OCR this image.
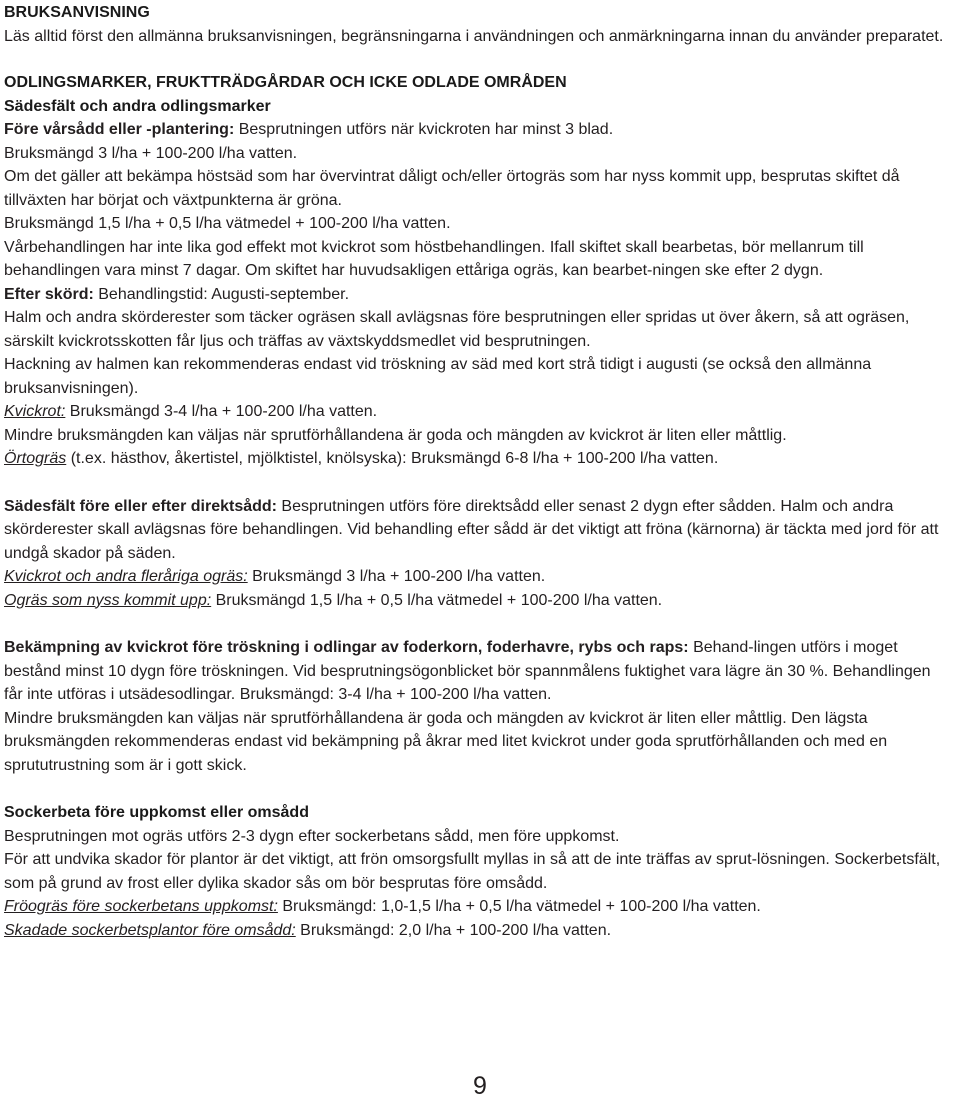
BRUKSANVISNING

Läs alltid först den allmänna bruksanvisningen, begränsningarna i användningen och anmärkningarna innan du använder preparatet.

ODLINGSMARKER, FRUKTTRÄDGÅRDAR OCH ICKE ODLADE OMRÅDEN

Sädesfält och andra odlingsmarker

Före vårsådd eller -plantering: Besprutningen utförs när kvickroten har minst 3 blad.

Bruksmängd 3 l/ha + 100-200 l/ha vatten.

Om det gäller att bekämpa höstsäd som har övervintrat dåligt och/eller örtogräs som har nyss kommit upp, besprutas skiftet då tillväxten har börjat och växtpunkterna är gröna.

Bruksmängd 1,5 l/ha + 0,5 l/ha vätmedel + 100-200 l/ha vatten.

Vårbehandlingen har inte lika god effekt mot kvickrot som höstbehandlingen. Ifall skiftet skall bearbetas, bör mellanrum till behandlingen vara minst 7 dagar. Om skiftet har huvudsakligen ettåriga ogräs, kan bearbet-ningen ske efter 2 dygn.

Efter skörd: Behandlingstid: Augusti-september.

Halm och andra skörderester som täcker ogräsen skall avlägsnas före besprutningen eller spridas ut över åkern, så att ogräsen, särskilt kvickrotsskotten får ljus och träffas av växtskyddsmedlet vid besprutningen.

Hackning av halmen kan rekommenderas endast vid tröskning av säd med kort strå tidigt i augusti (se också den allmänna bruksanvisningen).

Kvickrot: Bruksmängd 3-4 l/ha + 100-200 l/ha vatten.

Mindre bruksmängden kan väljas när sprutförhållandena är goda och mängden av kvickrot är liten eller måttlig.

Örtogräs (t.ex. hästhov, åkertistel, mjölktistel, knölsyska): Bruksmängd 6-8 l/ha + 100-200 l/ha vatten.

Sädesfält före eller efter direktsådd: Besprutningen utförs före direktsådd eller senast 2 dygn efter sådden. Halm och andra skörderester skall avlägsnas före behandlingen. Vid behandling efter sådd är det viktigt att fröna (kärnorna) är täckta med jord för att undgå skador på säden.

Kvickrot och andra fleråriga ogräs: Bruksmängd 3 l/ha + 100-200 l/ha vatten.

Ogräs som nyss kommit upp: Bruksmängd 1,5 l/ha + 0,5 l/ha vätmedel + 100-200 l/ha vatten.

Bekämpning av kvickrot före tröskning i odlingar av foderkorn, foderhavre, rybs och raps: Behand-lingen utförs i moget bestånd minst 10 dygn före tröskningen. Vid besprutningsögonblicket bör spannmålens fuktighet vara lägre än 30 %. Behandlingen får inte utföras i utsädesodlingar. Bruksmängd: 3-4 l/ha + 100-200 l/ha vatten.

Mindre bruksmängden kan väljas när sprutförhållandena är goda och mängden av kvickrot är liten eller måttlig. Den lägsta bruksmängden rekommenderas endast vid bekämpning på åkrar med litet kvickrot under goda sprutförhållanden och med en sprututrustning som är i gott skick.

Sockerbeta före uppkomst eller omsådd

Besprutningen mot ogräs utförs 2-3 dygn efter sockerbetans sådd, men före uppkomst.

För att undvika skador för plantor är det viktigt, att frön omsorgsfullt myllas in så att de inte träffas av sprut-lösningen. Sockerbetsfält, som på grund av frost eller dylika skador sås om bör besprutas före omsådd.

Fröogräs före sockerbetans uppkomst: Bruksmängd: 1,0-1,5 l/ha + 0,5 l/ha vätmedel + 100-200 l/ha vatten.

Skadade sockerbetsplantor före omsådd: Bruksmängd: 2,0 l/ha + 100-200 l/ha vatten.

9
